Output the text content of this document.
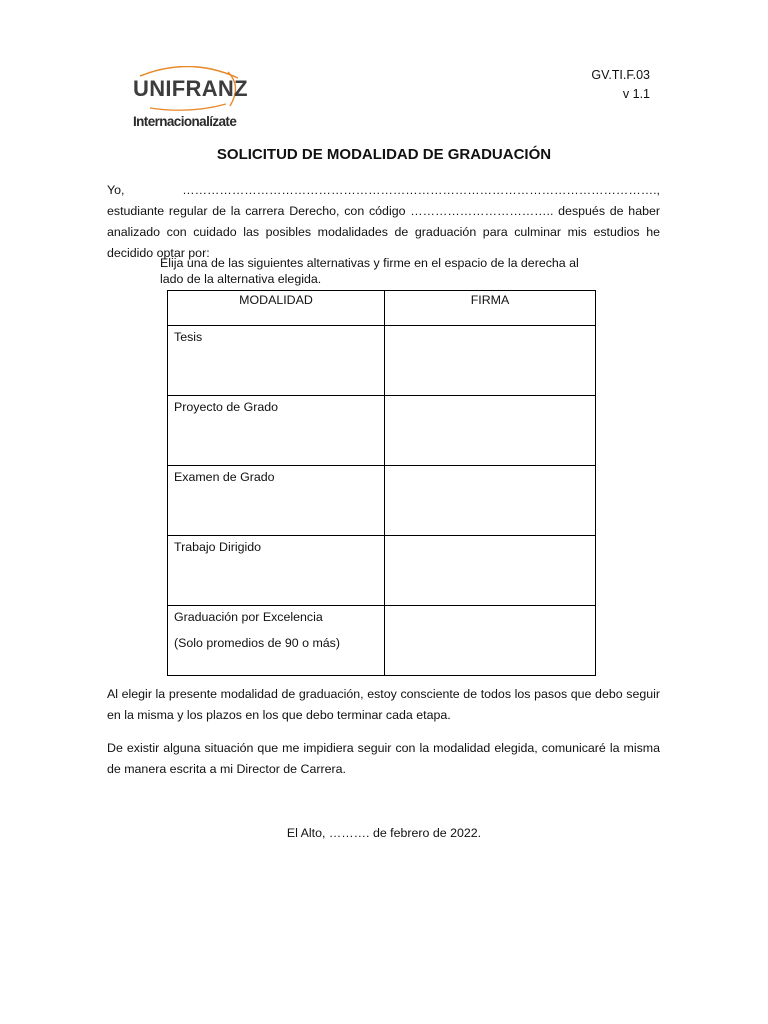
UNIFRANZ
Internacionalízate
GV.TI.F.03
v 1.1
SOLICITUD DE MODALIDAD DE GRADUACIÓN
Yo, ……………………………………………………………………………………………………., estudiante regular de la carrera Derecho, con código …………………………….. después de haber analizado con cuidado las posibles modalidades de graduación para culminar mis estudios he decidido optar por:
Elija una de las siguientes alternativas y firme en el espacio de la derecha al lado de la alternativa elegida.
MODALIDAD	FIRMA

Tesis	

Proyecto de Grado	

Examen de Grado	

Trabajo Dirigido	

Graduación por Excelencia
(Solo promedios de 90 o más)	

Al elegir la presente modalidad de graduación, estoy consciente de todos los pasos que debo seguir en la misma y los plazos en los que debo terminar cada etapa.
De existir alguna situación que me impidiera seguir con la modalidad elegida, comunicaré la misma de manera escrita a mi Director de Carrera.
El Alto, ………. de febrero de 2022.
